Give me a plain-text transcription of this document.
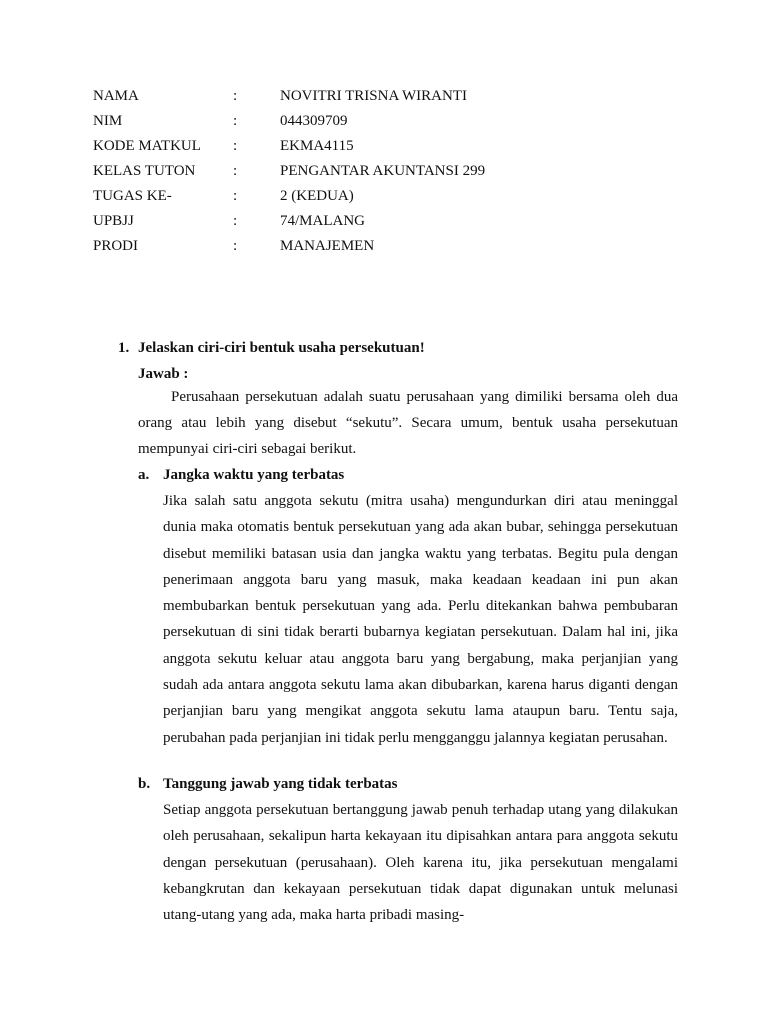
NAMA	:	NOVITRI TRISNA WIRANTI
NIM	:	044309709
KODE MATKUL	:	EKMA4115
KELAS TUTON	:	PENGANTAR AKUNTANSI 299
TUGAS KE-	:	2 (KEDUA)
UPBJJ	:	74/MALANG
PRODI	:	MANAJEMEN
1. Jelaskan ciri-ciri bentuk usaha persekutuan!
Jawab :
Perusahaan persekutuan adalah suatu perusahaan yang dimiliki bersama oleh dua orang atau lebih yang disebut “sekutu”. Secara umum, bentuk usaha persekutuan mempunyai ciri-ciri sebagai berikut.
a. Jangka waktu yang terbatas
Jika salah satu anggota sekutu (mitra usaha) mengundurkan diri atau meninggal dunia maka otomatis bentuk persekutuan yang ada akan bubar, sehingga persekutuan disebut memiliki batasan usia dan jangka waktu yang terbatas. Begitu pula dengan penerimaan anggota baru yang masuk, maka keadaan keadaan ini pun akan membubarkan bentuk persekutuan yang ada. Perlu ditekankan bahwa pembubaran persekutuan di sini tidak berarti bubarnya kegiatan persekutuan. Dalam hal ini, jika anggota sekutu keluar atau anggota baru yang bergabung, maka perjanjian yang sudah ada antara anggota sekutu lama akan dibubarkan, karena harus diganti dengan perjanjian baru yang mengikat anggota sekutu lama ataupun baru. Tentu saja, perubahan pada perjanjian ini tidak perlu mengganggu jalannya kegiatan perusahan.
b. Tanggung jawab yang tidak terbatas
Setiap anggota persekutuan bertanggung jawab penuh terhadap utang yang dilakukan oleh perusahaan, sekalipun harta kekayaan itu dipisahkan antara para anggota sekutu dengan persekutuan (perusahaan). Oleh karena itu, jika persekutuan mengalami kebangkrutan dan kekayaan persekutuan tidak dapat digunakan untuk melunasi utang-utang yang ada, maka harta pribadi masing-
